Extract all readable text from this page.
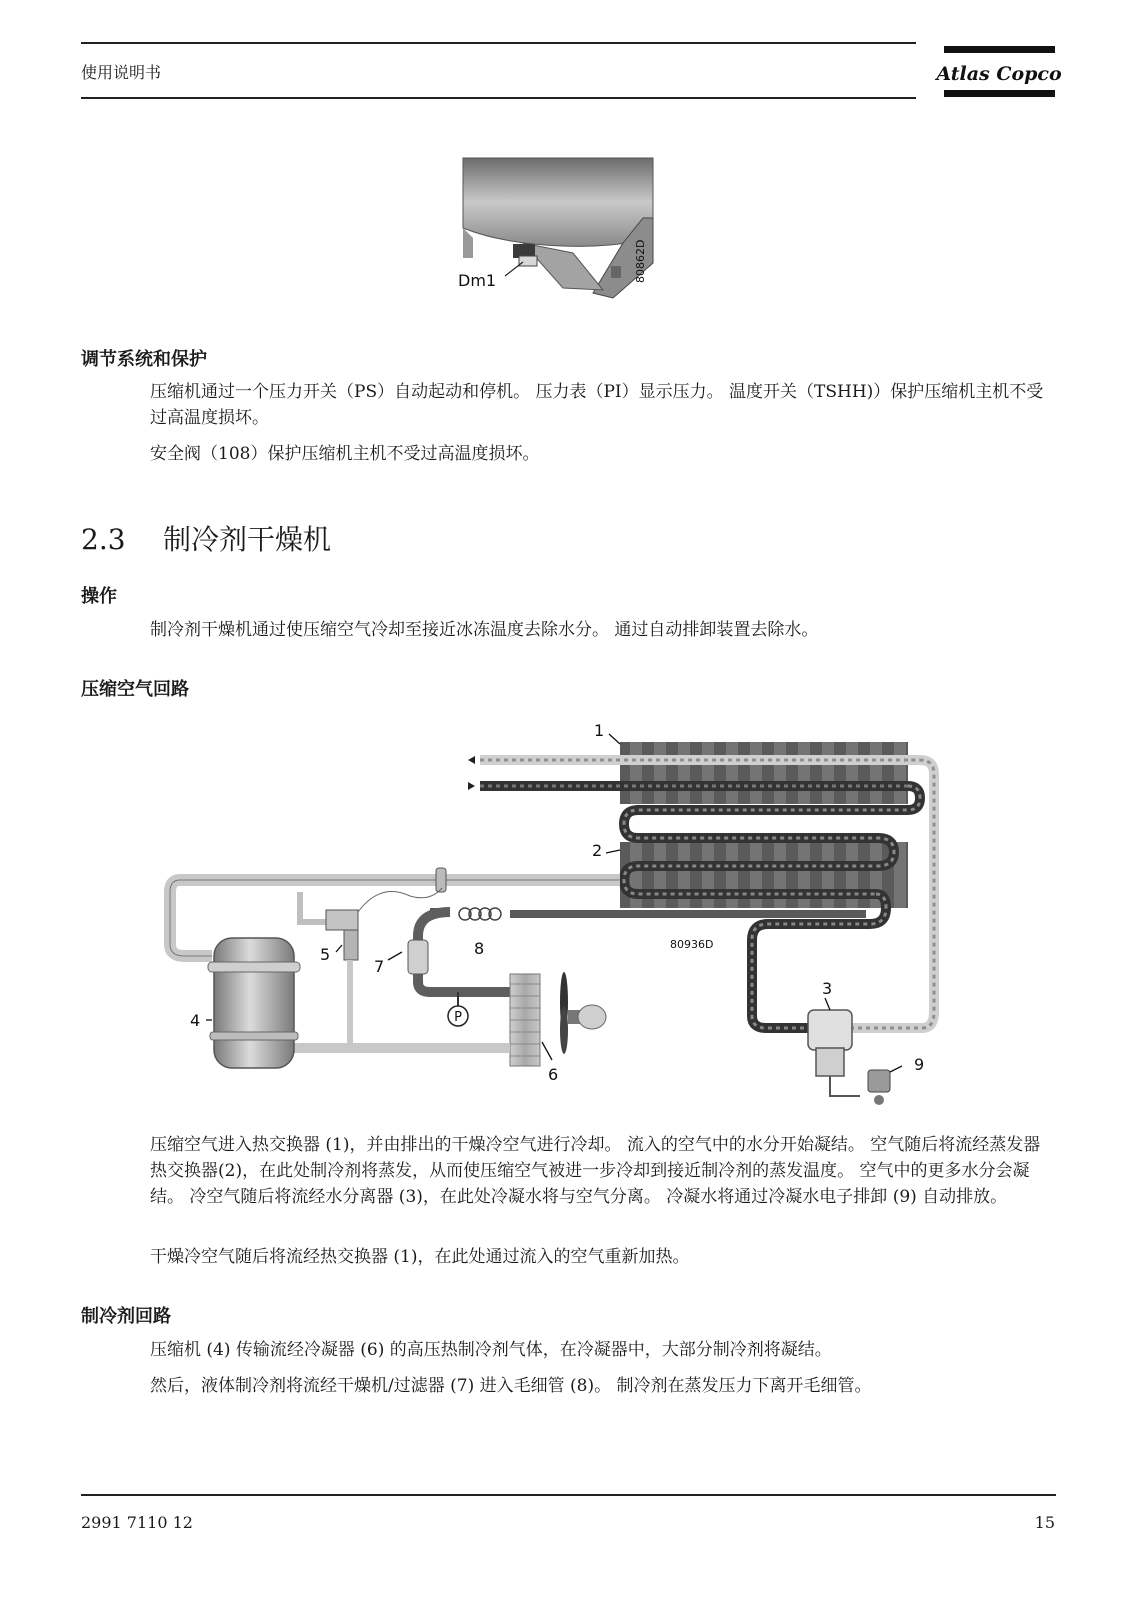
使用说明书	Atlas Copco
Dm1	80862D
调节系统和保护
压缩机通过一个压力开关（PS）自动起动和停机。 压力表（PI）显示压力。 温度开关（TSHH)）保护压缩机主机不受过高温度损坏。
安全阀（108）保护压缩机主机不受过高温度损坏。
2.3 制冷剂干燥机
操作
制冷剂干燥机通过使压缩空气冷却至接近冰冻温度去除水分。 通过自动排卸装置去除水。
压缩空气回路
P
1
2
3
4
5
7
8
6
9
80936D
压缩空气进入热交换器 (1)，并由排出的干燥冷空气进行冷却。 流入的空气中的水分开始凝结。 空气随后将流经蒸发器热交换器(2)，在此处制冷剂将蒸发，从而使压缩空气被进一步冷却到接近制冷剂的蒸发温度。 空气中的更多水分会凝结。 冷空气随后将流经水分离器 (3)，在此处冷凝水将与空气分离。 冷凝水将通过冷凝水电子排卸 (9) 自动排放。
干燥冷空气随后将流经热交换器 (1)，在此处通过流入的空气重新加热。
制冷剂回路
压缩机 (4) 传输流经冷凝器 (6) 的高压热制冷剂气体，在冷凝器中，大部分制冷剂将凝结。
然后，液体制冷剂将流经干燥机/过滤器 (7) 进入毛细管 (8)。 制冷剂在蒸发压力下离开毛细管。
2991 7110 12	15
